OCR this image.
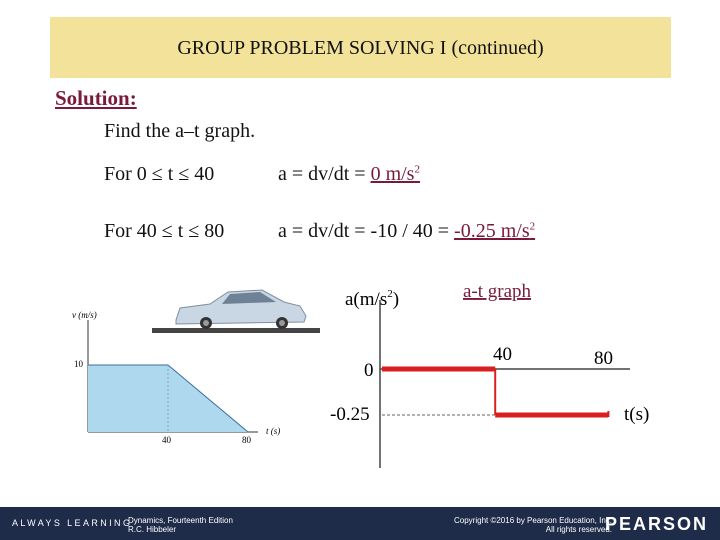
GROUP PROBLEM SOLVING I (continued)
Solution:
Find the a–t graph.
For 0 ≤ t ≤ 40	a = dv/dt = 0 $m/s^2$
For 40 ≤ t ≤ 80	a = dv/dt = -10 / 40 = -0.25 $m/s^2$
v (m/s)
10
40	80
t (s)
$a(m/s^2)$	a-t graph
40	80
0
-0.25	t(s)
ALWAYS LEARNING
Dynamics, Fourteenth Edition
R.C. Hibbeler
Copyright ©2016 by Pearson Education, Inc.
All rights reserved.
PEARSON
